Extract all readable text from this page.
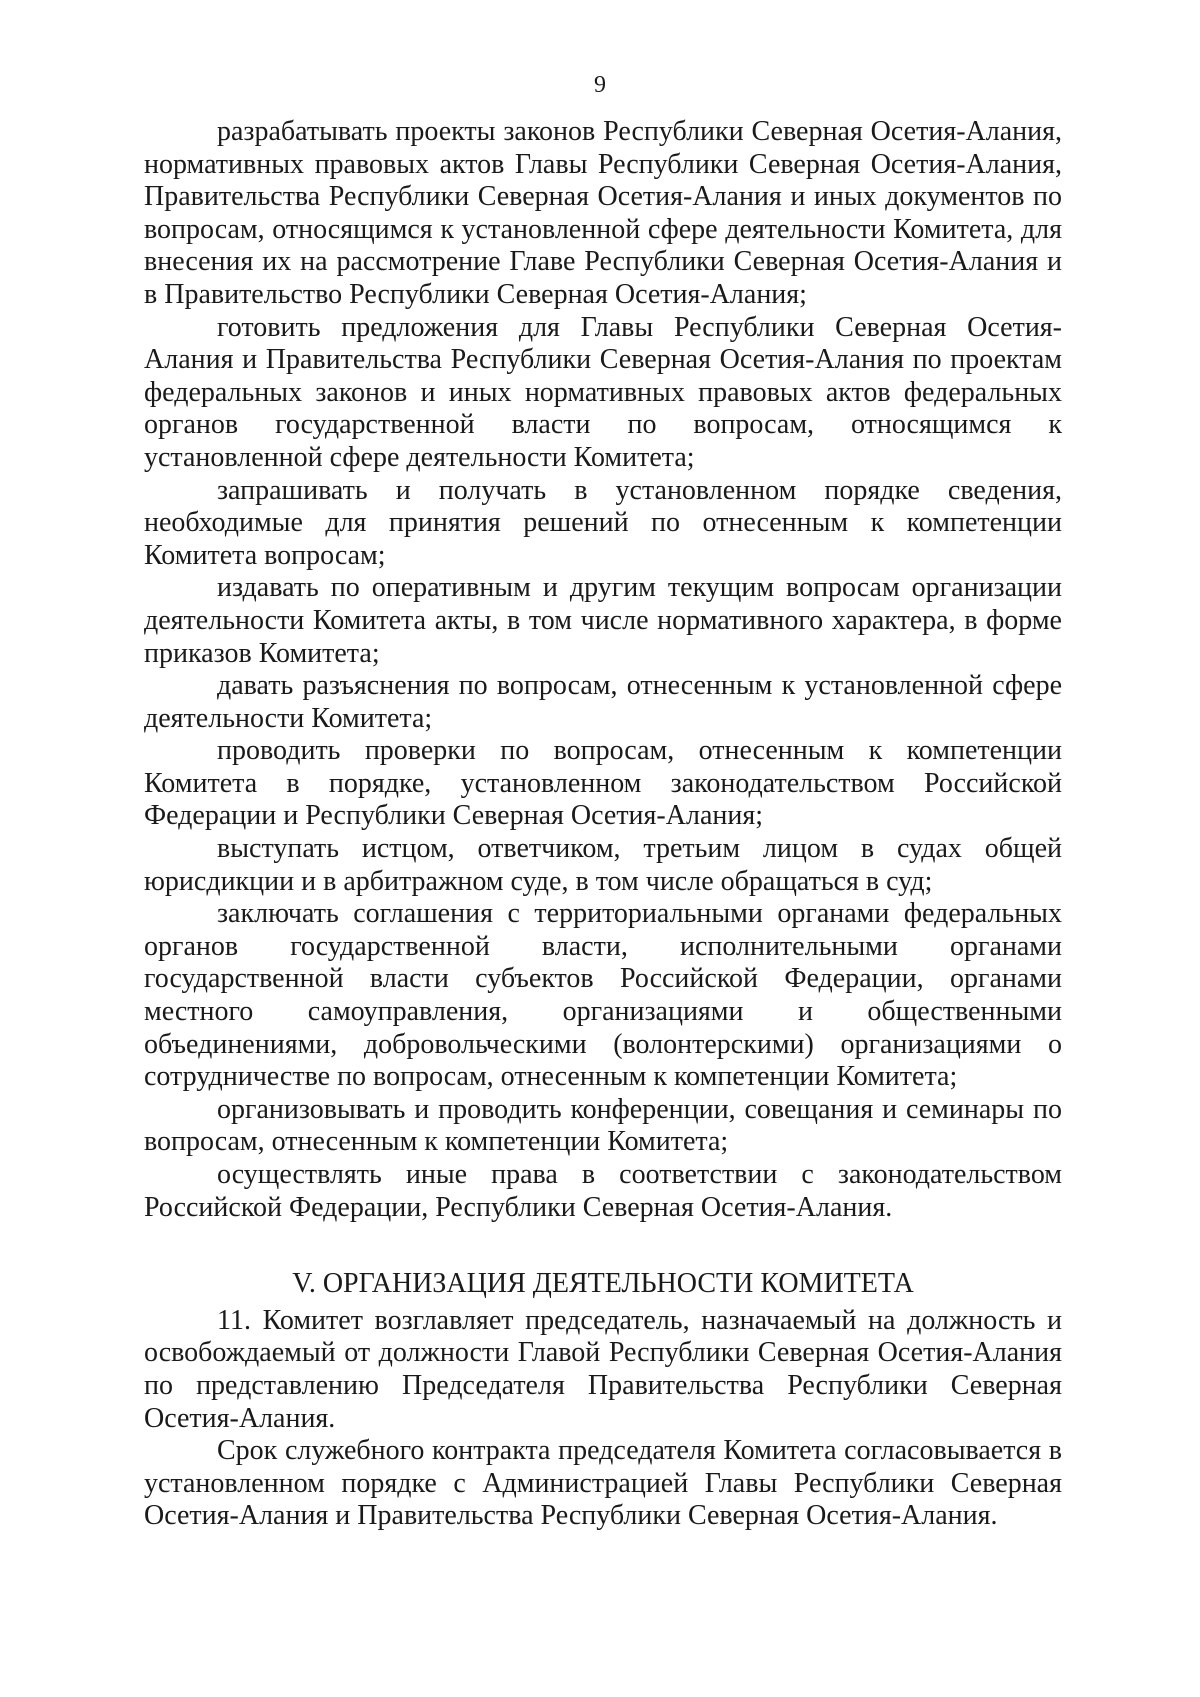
9

разрабатывать проекты законов Республики Северная Осетия-Алания, нормативных правовых актов Главы Республики Северная Осетия-Алания, Правительства Республики Северная Осетия-Алания и иных документов по вопросам, относящимся к установленной сфере деятельности Комитета, для внесения их на рассмотрение Главе Республики Северная Осетия-Алания и в Правительство Республики Северная Осетия-Алания;

готовить предложения для Главы Республики Северная Осетия-Алания и Правительства Республики Северная Осетия-Алания по проектам федеральных законов и иных нормативных правовых актов федеральных органов государственной власти по вопросам, относящимся к установленной сфере деятельности Комитета;

запрашивать и получать в установленном порядке сведения, необходимые для принятия решений по отнесенным к компетенции Комитета вопросам;

издавать по оперативным и другим текущим вопросам организации деятельности Комитета акты, в том числе нормативного характера, в форме приказов Комитета;

давать разъяснения по вопросам, отнесенным к установленной сфере деятельности Комитета;

проводить проверки по вопросам, отнесенным к компетенции Комитета в порядке, установленном законодательством Российской Федерации и Республики Северная Осетия-Алания;

выступать истцом, ответчиком, третьим лицом в судах общей юрисдикции и в арбитражном суде, в том числе обращаться в суд;

заключать соглашения с территориальными органами федеральных органов государственной власти, исполнительными органами государственной власти субъектов Российской Федерации, органами местного самоуправления, организациями и общественными объединениями, добровольческими (волонтерскими) организациями о сотрудничестве по вопросам, отнесенным к компетенции Комитета;

организовывать и проводить конференции, совещания и семинары по вопросам, отнесенным к компетенции Комитета;

осуществлять иные права в соответствии с законодательством Российской Федерации, Республики Северная Осетия-Алания.

V. ОРГАНИЗАЦИЯ ДЕЯТЕЛЬНОСТИ КОМИТЕТА

11. Комитет возглавляет председатель, назначаемый на должность и освобождаемый от должности Главой Республики Северная Осетия-Алания по представлению Председателя Правительства Республики Северная Осетия-Алания.

Срок служебного контракта председателя Комитета согласовывается в установленном порядке с Администрацией Главы Республики Северная Осетия-Алания и Правительства Республики Северная Осетия-Алания.
